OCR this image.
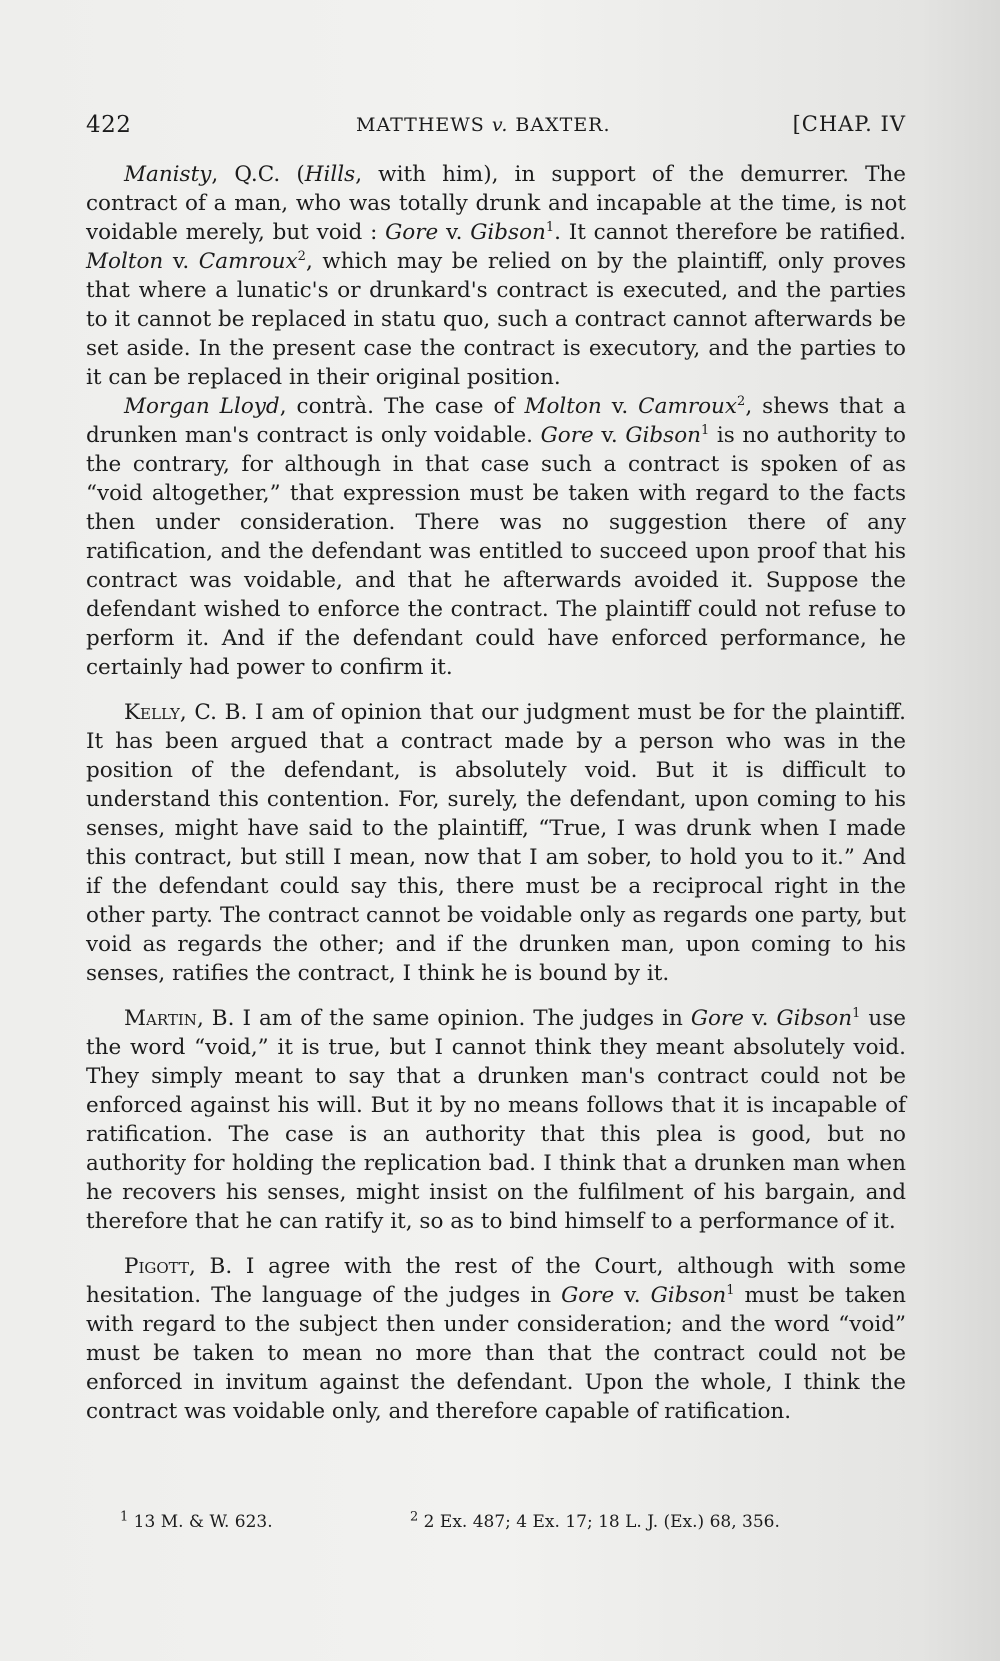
422	MATTHEWS v. BAXTER.	[CHAP. IV

Manisty, Q.C. (Hills, with him), in support of the demurrer. The contract of a man, who was totally drunk and incapable at the time, is not voidable merely, but void : Gore v. Gibson$^1$. It cannot therefore be ratified. Molton v. Camroux$^2$, which may be relied on by the plaintiff, only proves that where a lunatic's or drunkard's contract is executed, and the parties to it cannot be replaced in statu quo, such a contract cannot afterwards be set aside. In the present case the contract is executory, and the parties to it can be replaced in their original position.

Morgan Lloyd, contrà. The case of Molton v. Camroux$^2$, shews that a drunken man's contract is only voidable. Gore v. Gibson$^1$ is no authority to the contrary, for although in that case such a contract is spoken of as “void altogether,” that expression must be taken with regard to the facts then under consideration. There was no suggestion there of any ratification, and the defendant was entitled to succeed upon proof that his contract was voidable, and that he afterwards avoided it. Suppose the defendant wished to enforce the contract. The plaintiff could not refuse to perform it. And if the defendant could have enforced performance, he certainly had power to confirm it.

Kelly, C. B. I am of opinion that our judgment must be for the plaintiff. It has been argued that a contract made by a person who was in the position of the defendant, is absolutely void. But it is difficult to understand this contention. For, surely, the defendant, upon coming to his senses, might have said to the plaintiff, “True, I was drunk when I made this contract, but still I mean, now that I am sober, to hold you to it.” And if the defendant could say this, there must be a reciprocal right in the other party. The contract cannot be voidable only as regards one party, but void as regards the other; and if the drunken man, upon coming to his senses, ratifies the contract, I think he is bound by it.

Martin, B. I am of the same opinion. The judges in Gore v. Gibson$^1$ use the word “void,” it is true, but I cannot think they meant absolutely void. They simply meant to say that a drunken man's contract could not be enforced against his will. But it by no means follows that it is incapable of ratification. The case is an authority that this plea is good, but no authority for holding the replication bad. I think that a drunken man when he recovers his senses, might insist on the fulfilment of his bargain, and therefore that he can ratify it, so as to bind himself to a performance of it.

Pigott, B. I agree with the rest of the Court, although with some hesitation. The language of the judges in Gore v. Gibson$^1$ must be taken with regard to the subject then under consideration; and the word “void” must be taken to mean no more than that the contract could not be enforced in invitum against the defendant. Upon the whole, I think the contract was voidable only, and therefore capable of ratification.

$^1$ 13 M. & W. 623.	$^2$ 2 Ex. 487; 4 Ex. 17; 18 L. J. (Ex.) 68, 356.
